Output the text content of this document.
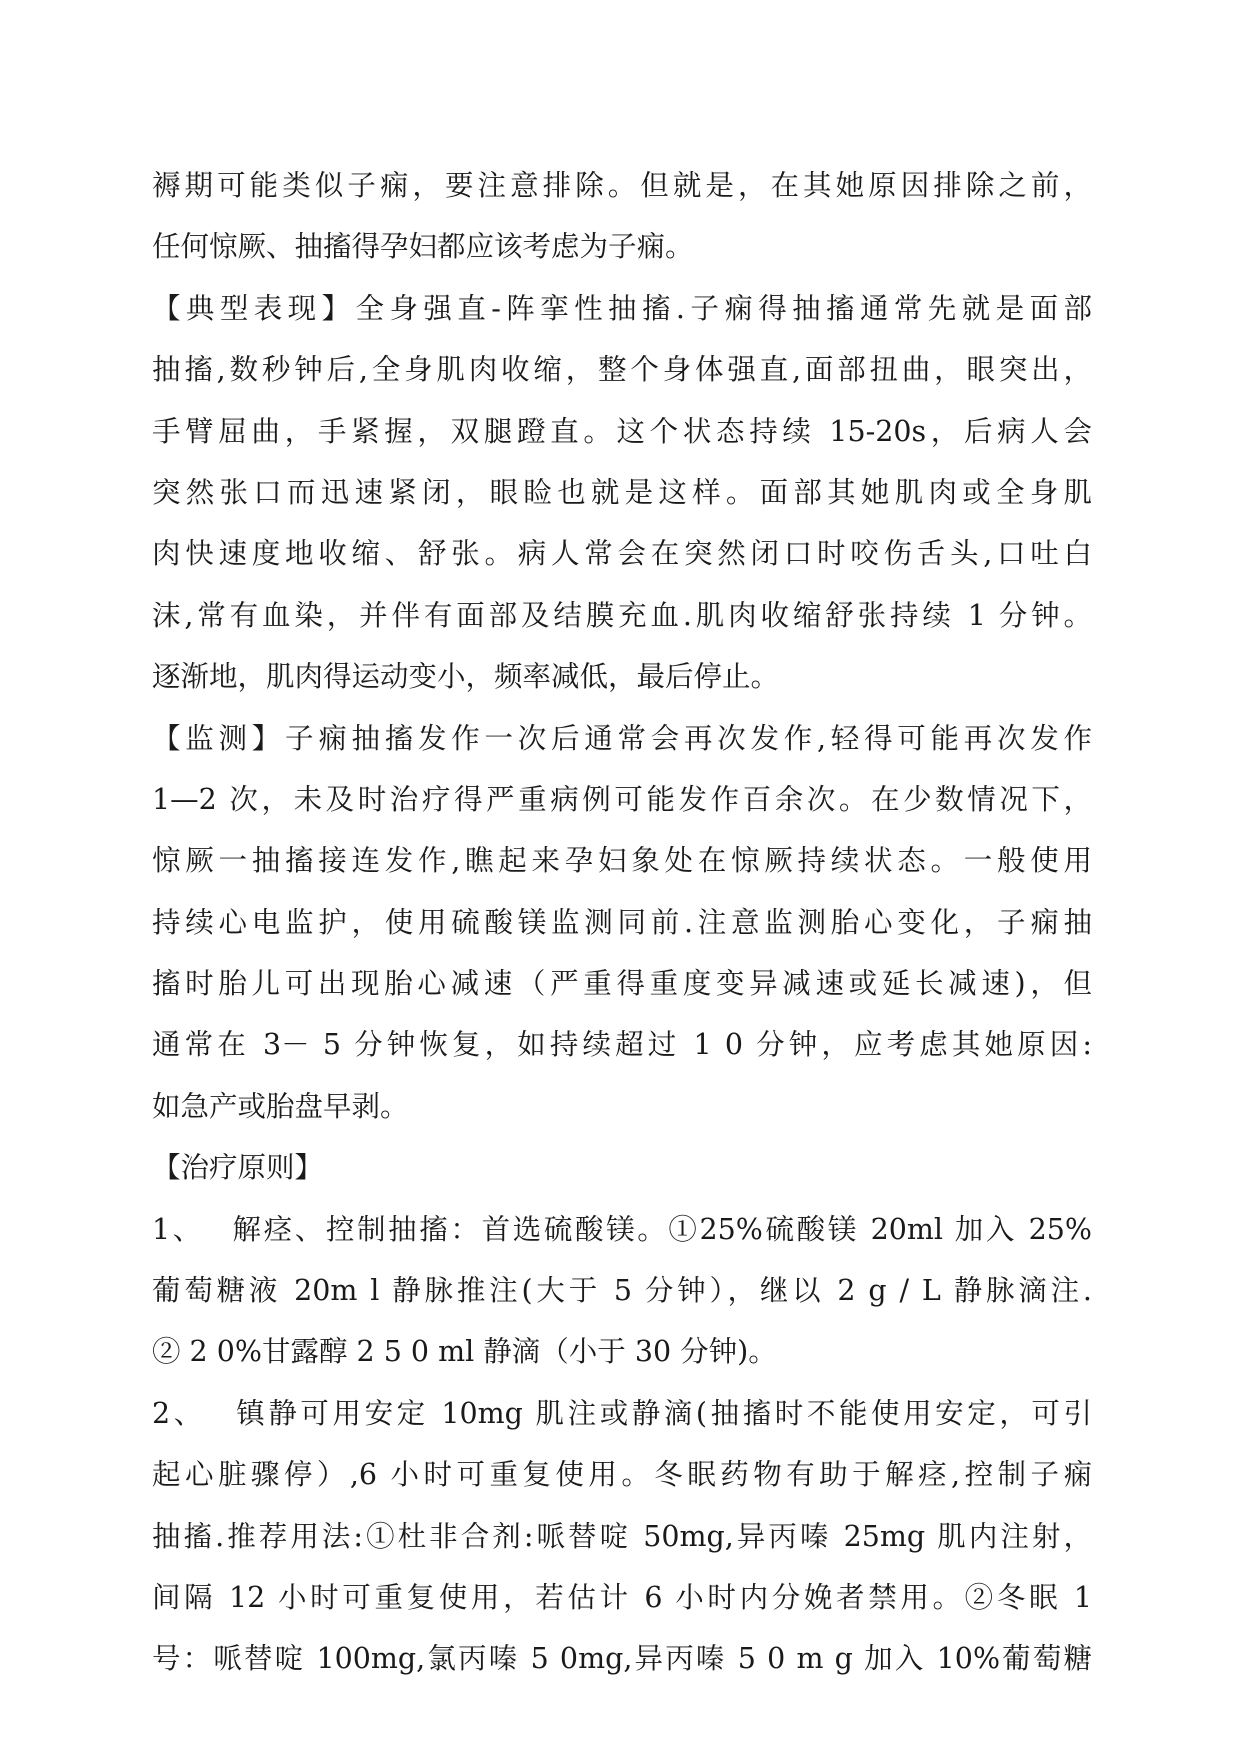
褥期可能类似子痫，要注意排除。但就是，在其她原因排除之前，
任何惊厥、抽搐得孕妇都应该考虑为子痫。
【典型表现】全身强直-阵挛性抽搐.子痫得抽搐通常先就是面部
抽搐,数秒钟后,全身肌肉收缩，整个身体强直,面部扭曲，眼突出，
手臂屈曲，手紧握，双腿蹬直。这个状态持续 15-20s，后病人会
突然张口而迅速紧闭，眼睑也就是这样。面部其她肌肉或全身肌
肉快速度地收缩、舒张。病人常会在突然闭口时咬伤舌头,口吐白
沫,常有血染，并伴有面部及结膜充血.肌肉收缩舒张持续 1 分钟。
逐渐地，肌肉得运动变小，频率减低，最后停止。
【监测】子痫抽搐发作一次后通常会再次发作,轻得可能再次发作
1—2 次，未及时治疗得严重病例可能发作百余次。在少数情况下，
惊厥一抽搐接连发作,瞧起来孕妇象处在惊厥持续状态。一般使用
持续心电监护，使用硫酸镁监测同前.注意监测胎心变化，子痫抽
搐时胎儿可出现胎心减速（严重得重度变异减速或延长减速)，但
通常在 3－ 5 分钟恢复，如持续超过 1 0 分钟，应考虑其她原因:
如急产或胎盘早剥。
【治疗原则】
1、　 解痉、控制抽搐：首选硫酸镁。①25%硫酸镁 20ml 加入 25%
葡萄糖液 20m l 静脉推注(大于 5 分钟），继以 2 g / L 静脉滴注.
② 2 0%甘露醇 2 5 0 ml 静滴（小于 30 分钟)。
2、　 镇静可用安定 10mg 肌注或静滴(抽搐时不能使用安定，可引
起心脏骤停）,6 小时可重复使用。冬眠药物有助于解痉,控制子痫
抽搐.推荐用法:①杜非合剂:哌替啶 50mg,异丙嗪 25mg 肌内注射，
间隔 12 小时可重复使用，若估计 6 小时内分娩者禁用。②冬眠 1
号：哌替啶 100mg,氯丙嗪 5 0mg,异丙嗪 5 0 m g 加入 10%葡萄糖
